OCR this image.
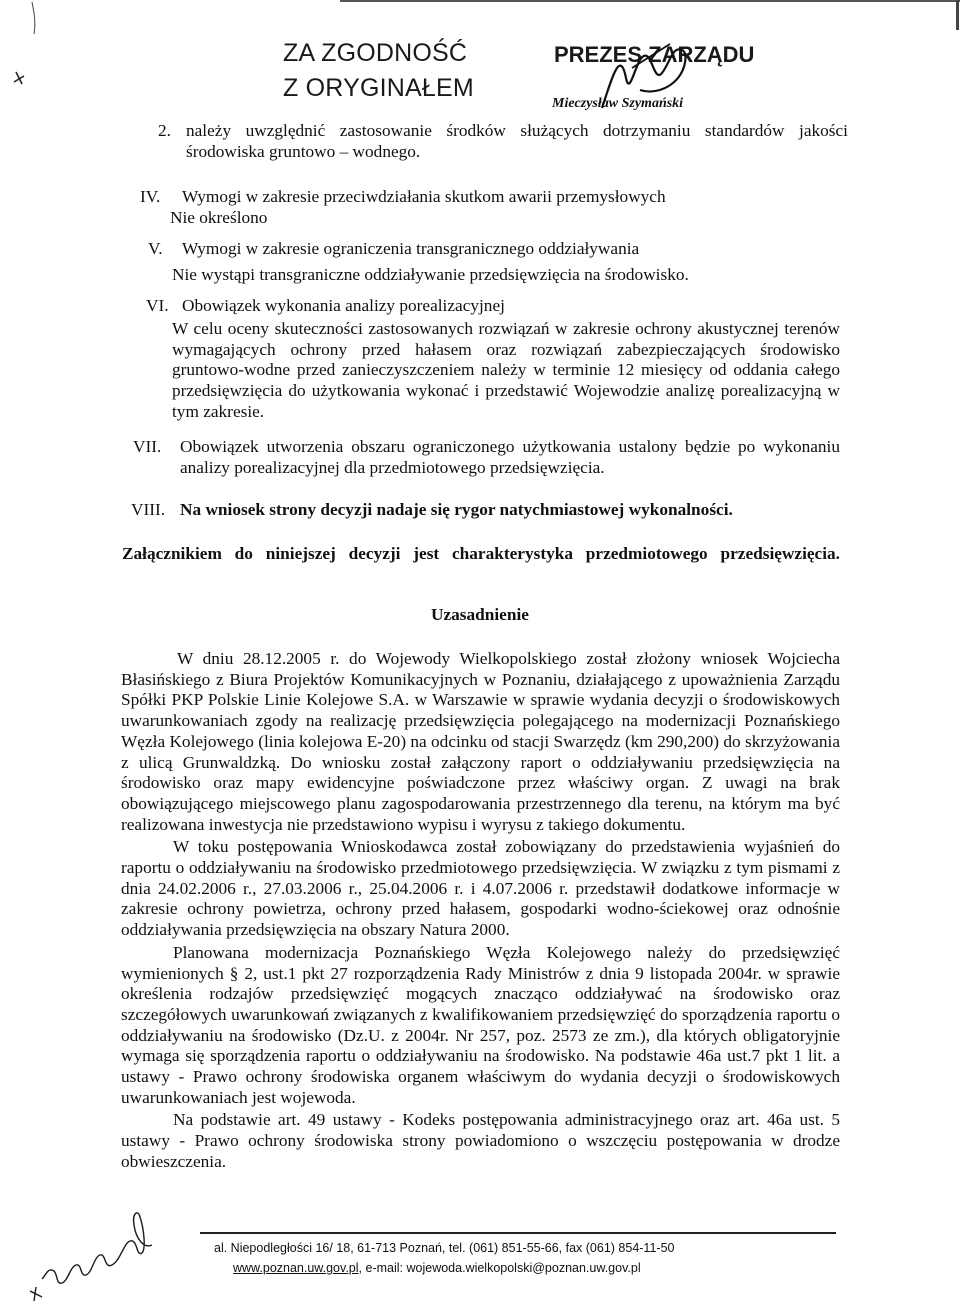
ZA ZGODNOŚĆ
Z ORYGINAŁEM
PREZES ZARZĄDU
Mieczysław Szymański
2. należy uwzględnić zastosowanie środków służących dotrzymaniu standardów jakości środowiska gruntowo – wodnego.
IV. Wymogi w zakresie przeciwdziałania skutkom awarii przemysłowych
Nie określono
V. Wymogi w zakresie ograniczenia transgranicznego oddziaływania
Nie wystąpi transgraniczne oddziaływanie przedsięwzięcia na środowisko.
VI. Obowiązek wykonania analizy porealizacyjnej
W celu oceny skuteczności zastosowanych rozwiązań w zakresie ochrony akustycznej terenów wymagających ochrony przed hałasem oraz rozwiązań zabezpieczających środowisko gruntowo-wodne przed zanieczyszczeniem należy w terminie 12 miesięcy od oddania całego przedsięwzięcia do użytkowania wykonać i przedstawić Wojewodzie analizę porealizacyjną w tym zakresie.
VII. Obowiązek utworzenia obszaru ograniczonego użytkowania ustalony będzie po wykonaniu analizy porealizacyjnej dla przedmiotowego przedsięwzięcia.
VIII. Na wniosek strony decyzji nadaje się rygor natychmiastowej wykonalności.
Załącznikiem do niniejszej decyzji jest charakterystyka przedmiotowego przedsięwzięcia.
Uzasadnienie

W dniu 28.12.2005 r. do Wojewody Wielkopolskiego został złożony wniosek Wojciecha Błasińskiego z Biura Projektów Komunikacyjnych w Poznaniu, działającego z upoważnienia Zarządu Spółki PKP Polskie Linie Kolejowe S.A. w Warszawie w sprawie wydania decyzji o środowiskowych uwarunkowaniach zgody na realizację przedsięwzięcia polegającego na modernizacji Poznańskiego Węzła Kolejowego (linia kolejowa E-20) na odcinku od stacji Swarzędz (km 290,200) do skrzyżowania z ulicą Grunwaldzką. Do wniosku został załączony raport o oddziaływaniu przedsięwzięcia na środowisko oraz mapy ewidencyjne poświadczone przez właściwy organ. Z uwagi na brak obowiązującego miejscowego planu zagospodarowania przestrzennego dla terenu, na którym ma być realizowana inwestycja nie przedstawiono wypisu i wyrysu z takiego dokumentu.

W toku postępowania Wnioskodawca został zobowiązany do przedstawienia wyjaśnień do raportu o oddziaływaniu na środowisko przedmiotowego przedsięwzięcia. W związku z tym pismami z dnia 24.02.2006 r., 27.03.2006 r., 25.04.2006 r. i 4.07.2006 r. przedstawił dodatkowe informacje w zakresie ochrony powietrza, ochrony przed hałasem, gospodarki wodno-ściekowej oraz odnośnie oddziaływania przedsięwzięcia na obszary Natura 2000.

Planowana modernizacja Poznańskiego Węzła Kolejowego należy do przedsięwzięć wymienionych § 2, ust.1 pkt 27 rozporządzenia Rady Ministrów z dnia 9 listopada 2004r. w sprawie określenia rodzajów przedsięwzięć mogących znacząco oddziaływać na środowisko oraz szczegółowych uwarunkowań związanych z kwalifikowaniem przedsięwzięć do sporządzenia raportu o oddziaływaniu na środowisko (Dz.U. z 2004r. Nr 257, poz. 2573 ze zm.), dla których obligatoryjnie wymaga się sporządzenia raportu o oddziaływaniu na środowisko. Na podstawie 46a ust.7 pkt 1 lit. a ustawy - Prawo ochrony środowiska organem właściwym do wydania decyzji o środowiskowych uwarunkowaniach jest wojewoda.

Na podstawie art. 49 ustawy - Kodeks postępowania administracyjnego oraz art. 46a ust. 5 ustawy - Prawo ochrony środowiska strony powiadomiono o wszczęciu postępowania w drodze obwieszczenia.

al. Niepodległości 16/ 18, 61-713 Poznań, tel. (061) 851-55-66, fax (061) 854-11-50
www.poznan.uw.gov.pl, e-mail: wojewoda.wielkopolski@poznan.uw.gov.pl
